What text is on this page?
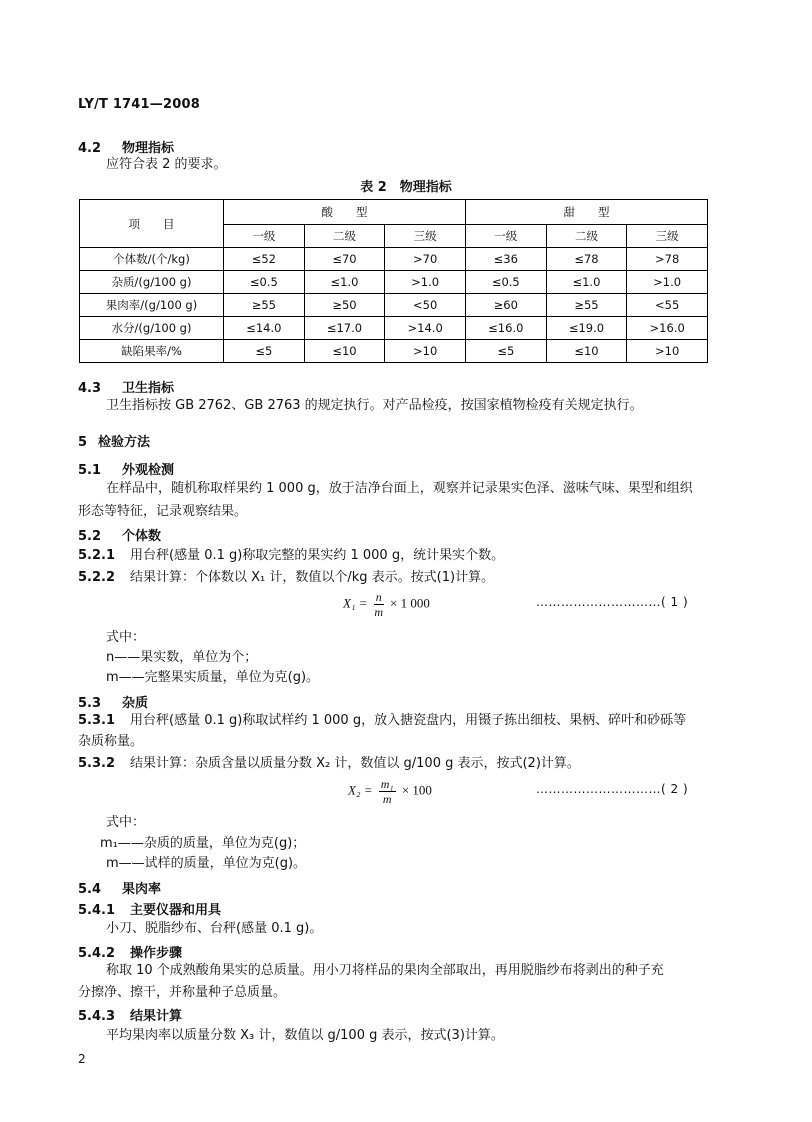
LY/T 1741—2008
4.2 物理指标
应符合表 2 的要求。
表 2　物理指标
项　　目	酸　　型			甜　　型		
	一级	二级	三级	一级	二级	三级
个体数/(个/kg)	≤52	≤70	>70	≤36	≤78	>78
杂质/(g/100 g)	≤0.5	≤1.0	>1.0	≤0.5	≤1.0	>1.0
果肉率/(g/100 g)	≥55	≥50	<50	≥60	≥55	<55
水分/(g/100 g)	≤14.0	≤17.0	>14.0	≤16.0	≤19.0	>16.0
缺陷果率/%	≤5	≤10	>10	≤5	≤10	>10
4.3 卫生指标
卫生指标按 GB 2762、GB 2763 的规定执行。对产品检疫，按国家植物检疫有关规定执行。
5 检验方法
5.1 外观检测
在样品中，随机称取样果约 1 000 g，放于洁净台面上，观察并记录果实色泽、滋味气味、果型和组织
形态等特征，记录观察结果。
5.2 个体数
5.2.1 用台秤(感量 0.1 g)称取完整的果实约 1 000 g，统计果实个数。
5.2.2 结果计算：个体数以 X₁ 计，数值以个/kg 表示。按式(1)计算。
$X_1 = \frac{n}{m} \times 1$ 000	…………………………( 1 )
式中：
n——果实数，单位为个；
m——完整果实质量，单位为克(g)。
5.3 杂质
5.3.1 用台秤(感量 0.1 g)称取试样约 1 000 g，放入搪瓷盘内，用镊子拣出细枝、果柄、碎叶和砂砾等
杂质称量。
5.3.2 结果计算：杂质含量以质量分数 X₂ 计，数值以 g/100 g 表示，按式(2)计算。
$X_2 = \frac{\text{m₁}}{m} \times 100$	…………………………( 2 )
式中：
m₁——杂质的质量，单位为克(g)；
m——试样的质量，单位为克(g)。
5.4 果肉率
5.4.1 主要仪器和用具
小刀、脱脂纱布、台秤(感量 0.1 g)。
5.4.2 操作步骤
称取 10 个成熟酸角果实的总质量。用小刀将样品的果肉全部取出，再用脱脂纱布将剥出的种子充
分擦净、擦干，并称量种子总质量。
5.4.3 结果计算
平均果肉率以质量分数 X₃ 计，数值以 g/100 g 表示，按式(3)计算。
2
